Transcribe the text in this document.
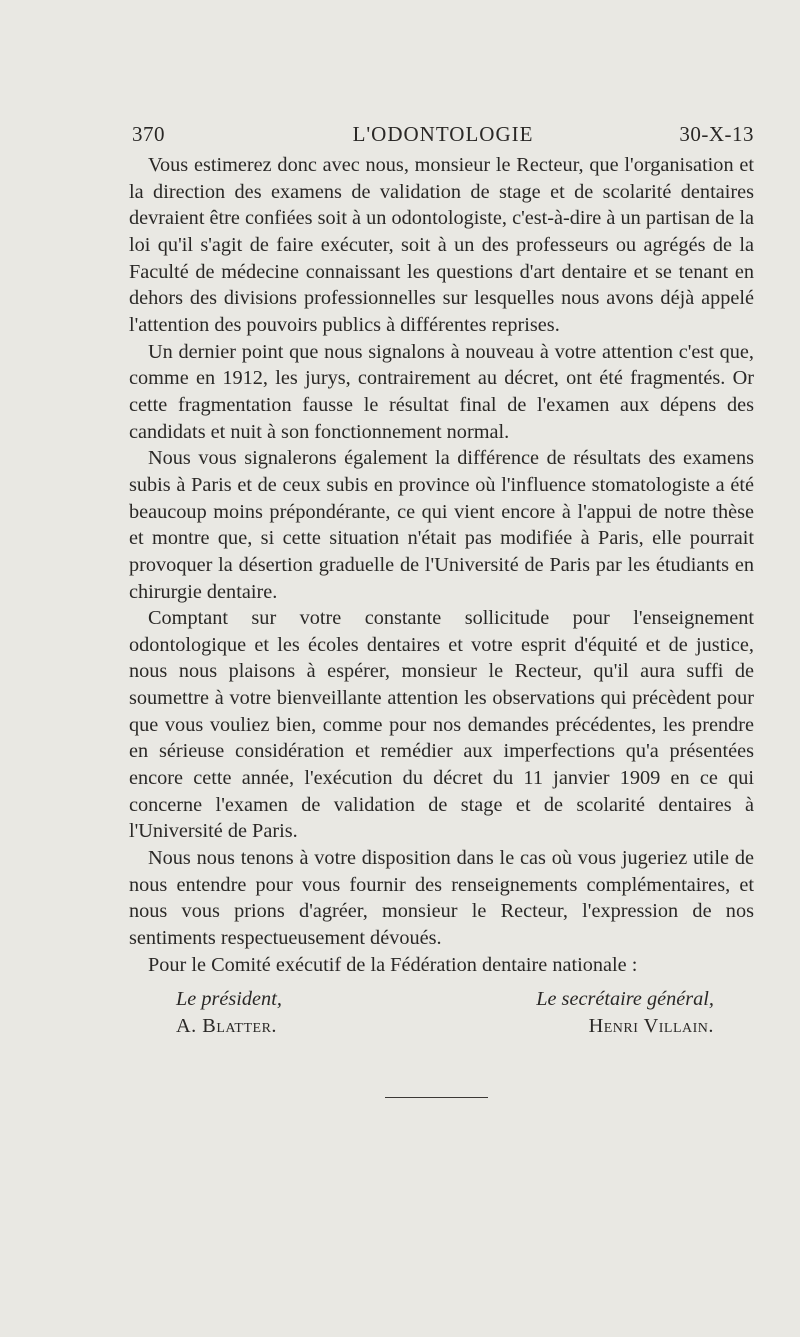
370	L'ODONTOLOGIE	30-X-13

Vous estimerez donc avec nous, monsieur le Recteur, que l'organisation et la direction des examens de validation de stage et de scolarité dentaires devraient être confiées soit à un odontologiste, c'est-à-dire à un partisan de la loi qu'il s'agit de faire exécuter, soit à un des professeurs ou agrégés de la Faculté de médecine connaissant les questions d'art dentaire et se tenant en dehors des divisions professionnelles sur lesquelles nous avons déjà appelé l'attention des pouvoirs publics à différentes reprises.

Un dernier point que nous signalons à nouveau à votre attention c'est que, comme en 1912, les jurys, contrairement au décret, ont été fragmentés. Or cette fragmentation fausse le résultat final de l'examen aux dépens des candidats et nuit à son fonctionnement normal.

Nous vous signalerons également la différence de résultats des examens subis à Paris et de ceux subis en province où l'influence stomatologiste a été beaucoup moins prépondérante, ce qui vient encore à l'appui de notre thèse et montre que, si cette situation n'était pas modifiée à Paris, elle pourrait provoquer la désertion graduelle de l'Université de Paris par les étudiants en chirurgie dentaire.

Comptant sur votre constante sollicitude pour l'enseignement odontologique et les écoles dentaires et votre esprit d'équité et de justice, nous nous plaisons à espérer, monsieur le Recteur, qu'il aura suffi de soumettre à votre bienveillante attention les observations qui précèdent pour que vous vouliez bien, comme pour nos demandes précédentes, les prendre en sérieuse considération et remédier aux imperfections qu'a présentées encore cette année, l'exécution du décret du 11 janvier 1909 en ce qui concerne l'examen de validation de stage et de scolarité dentaires à l'Université de Paris.

Nous nous tenons à votre disposition dans le cas où vous jugeriez utile de nous entendre pour vous fournir des renseignements complémentaires, et nous vous prions d'agréer, monsieur le Recteur, l'expression de nos sentiments respectueusement dévoués.

Pour le Comité exécutif de la Fédération dentaire nationale :

Le président,	Le secrétaire général,
A. Blatter.	Henri Villain.
